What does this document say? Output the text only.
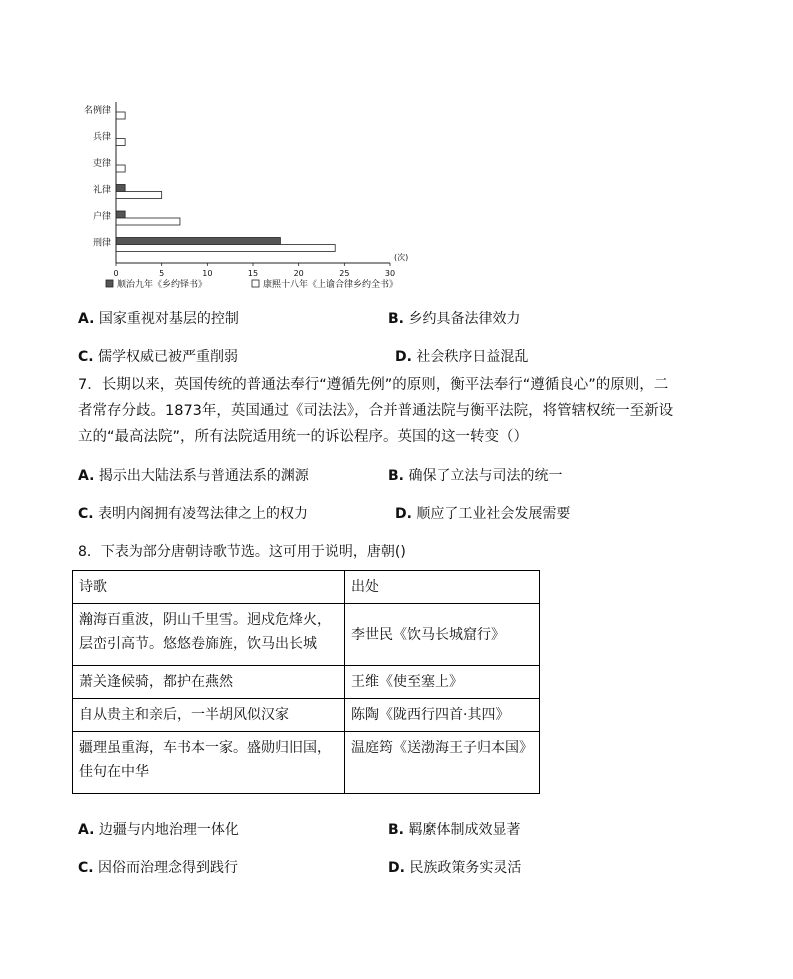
名例律
兵律
吏律
礼律
户律
刑律
0	5	10	15	20	25	30
(次)
顺治九年《乡约铎书》	康熙十八年《上谕合律乡约全书》
A. 国家重视对基层的控制	B. 乡约具备法律效力
C. 儒学权威已被严重削弱	D. 社会秩序日益混乱
7．长期以来，英国传统的普通法奉行“遵循先例”的原则，衡平法奉行“遵循良心”的原则，二者常存分歧。1873年，英国通过《司法法》，合并普通法院与衡平法院，将管辖权统一至新设立的“最高法院”，所有法院适用统一的诉讼程序。英国的这一转变（）
A. 揭示出大陆法系与普通法系的渊源	B. 确保了立法与司法的统一
C. 表明内阁拥有凌驾法律之上的权力	D. 顺应了工业社会发展需要
8．下表为部分唐朝诗歌节选。这可用于说明，唐朝()
诗歌	出处
瀚海百重波，阴山千里雪。迥戍危烽火，层峦引高节。悠悠卷旆旌，饮马出长城	李世民《饮马长城窟行》
萧关逢候骑，都护在燕然	王维《使至塞上》
自从贵主和亲后，一半胡风似汉家	陈陶《陇西行四首·其四》
疆理虽重海，车书本一家。盛勋归旧国，佳句在中华	温庭筠《送渤海王子归本国》
A. 边疆与内地治理一体化	B. 羁縻体制成效显著
C. 因俗而治理念得到践行	D. 民族政策务实灵活
